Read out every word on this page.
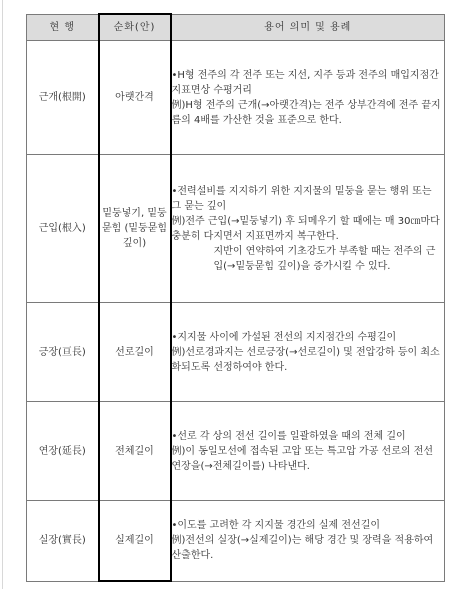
현 행	순화(안)	용어 의미 및 용례
근개(根開)	아랫간격	•H형 전주의 각 전주 또는 지선, 지주 등과 전주의 매입지점간 지표면상 수평거리

例)H형 전주의 근개(→아랫간격)는 전주 상부간격에 전주 끝지름의 4배를 가산한 것을 표준으로 한다.

근입(根入)	밑둥넣기, 밑둥묻힘 (밑둥묻힘 깊이)	•전력설비를 지지하기 위한 지지물의 밑둥을 묻는 행위 또는 그 묻는 깊이

例)전주 근입(→밑둥넣기) 후 되메우기 할 때에는 매 30㎝마다 충분히 다지면서 지표면까지 복구한다.

지반이 연약하여 기초강도가 부족할 때는 전주의 근입(→밑둥묻힘 깊이)을 증가시킬 수 있다.

긍장(亘長)	선로길이	•지지물 사이에 가설된 전선의 지지점간의 수평길이

例)선로경과지는 선로긍장(→선로길이) 및 전압강하 등이 최소화되도록 선정하여야 한다.

연장(延長)	전체길이	•선로 각 상의 전선 길이를 일괄하였을 때의 전체 길이

例)이 동일모선에 접속된 고압 또는 특고압 가공 선로의 전선 연장을(→전체길이를) 나타낸다.

실장(實長)	실제길이	•이도를 고려한 각 지지물 경간의 실제 전선길이

例)전선의 실장(→실제길이)는 해당 경간 및 장력을 적용하여 산출한다.
